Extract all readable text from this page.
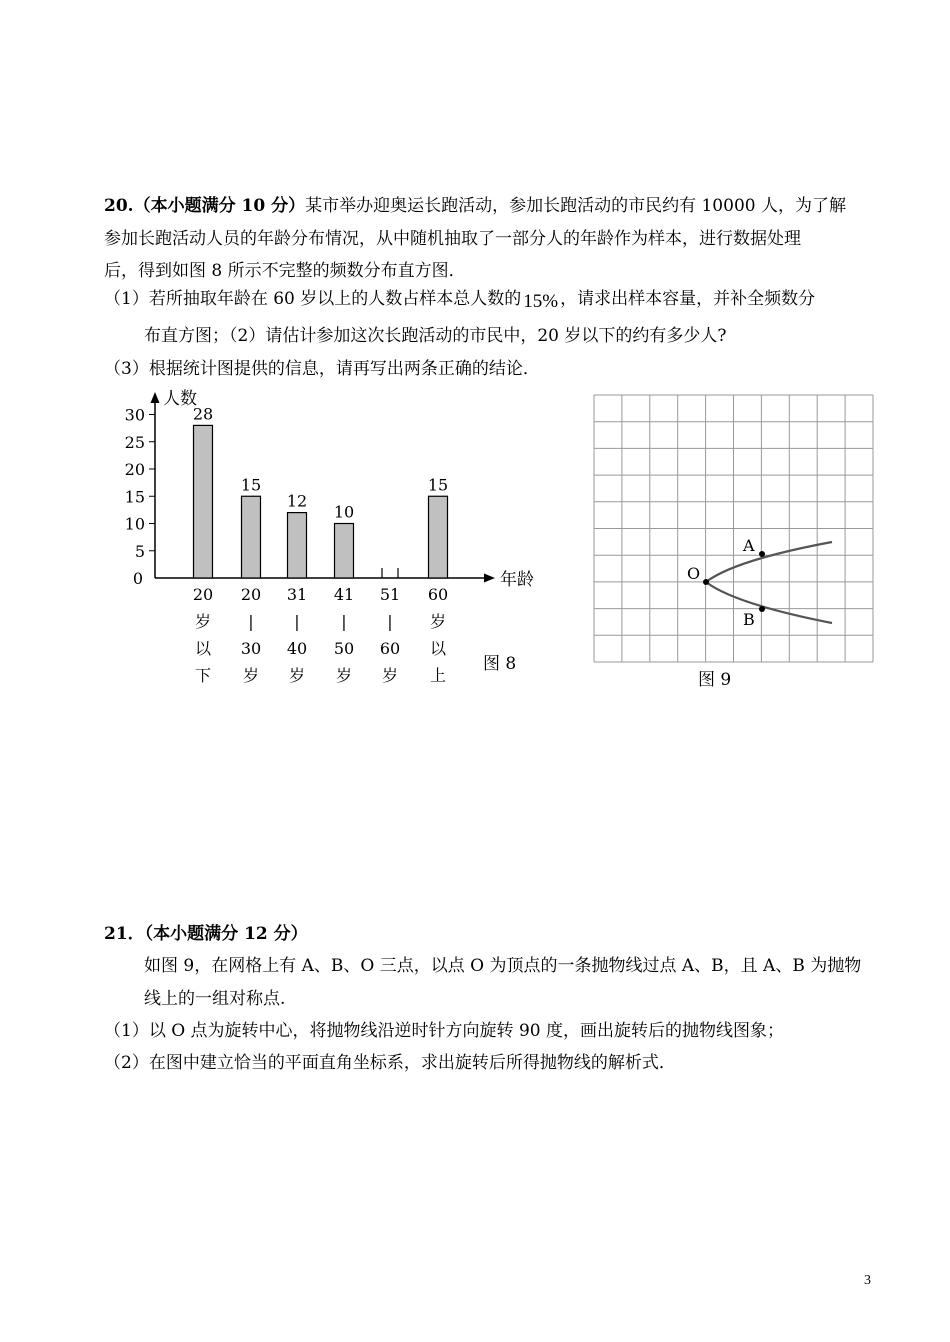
20.（本小题满分 10 分）某市举办迎奥运长跑活动，参加长跑活动的市民约有 10000 人，为了解
参加长跑活动人员的年龄分布情况，从中随机抽取了一部分人的年龄作为样本，进行数据处理
后，得到如图 8 所示不完整的频数分布直方图．
（1）若所抽取年龄在 60 岁以上的人数占样本总人数的 15% ，请求出样本容量，并补全频数分
布直方图；（2）请估计参加这次长跑活动的市民中，20 岁以下的约有多少人?
（3）根据统计图提供的信息，请再写出两条正确的结论．
人数
年龄
0
5
10
15
20
25
30	28
20
岁
以
下
15
20
|
30
岁
12
31
|
40
岁
10
41
|
50
岁
51
|
60
岁
15
60
岁
以
上
图 8
A
O
B
图 9
21．（本小题满分 12 分）
如图 9，在网格上有 A、B、O 三点，以点 O 为顶点的一条抛物线过点 A、B，且 A、B 为抛物
线上的一组对称点.
（1）以 O 点为旋转中心，将抛物线沿逆时针方向旋转 90 度，画出旋转后的抛物线图象；
（2）在图中建立恰当的平面直角坐标系，求出旋转后所得抛物线的解析式．
3
